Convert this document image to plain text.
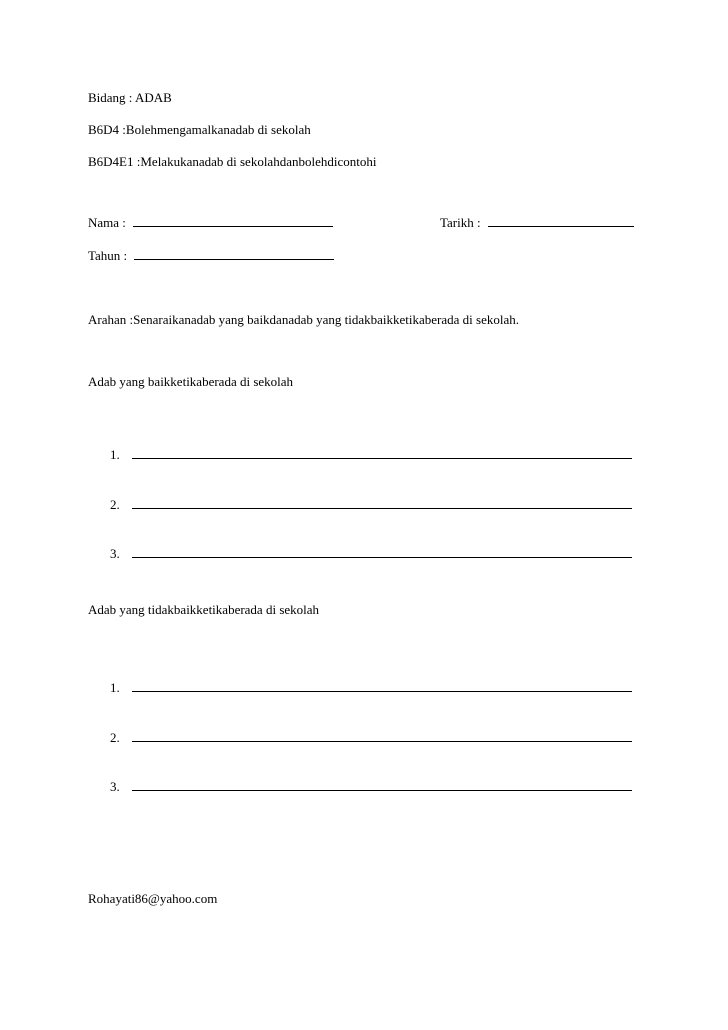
Bidang : ADAB
B6D4 :Bolehmengamalkanadab di sekolah
B6D4E1 :Melakukanadab di sekolahdanbolehdicontohi
Nama :	Tarikh :
Tahun :
Arahan :Senaraikanadab yang baikdanadab yang tidakbaikketikaberada di sekolah.
Adab yang baikketikaberada di sekolah
1.
2.
3.
Adab yang tidakbaikketikaberada di sekolah
1.
2.
3.
Rohayati86@yahoo.com
